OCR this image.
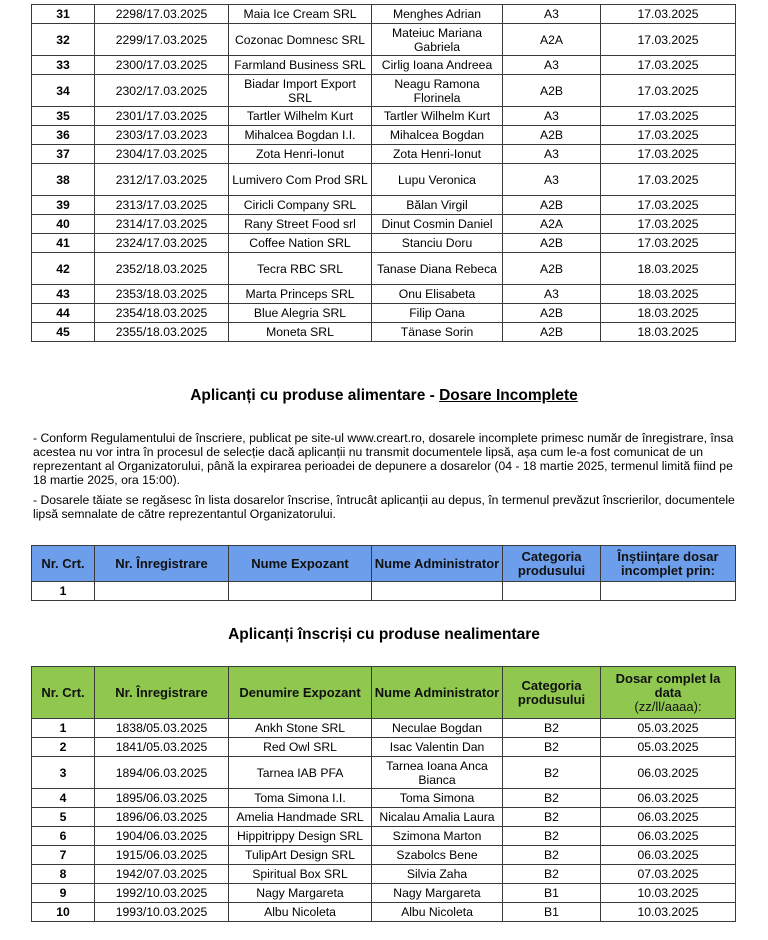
31	2298/17.03.2025	Maia Ice Cream SRL	Menghes Adrian	A3	17.03.2025
32	2299/17.03.2025	Cozonac Domnesc SRL	Mateiuc Mariana Gabriela	A2A	17.03.2025
33	2300/17.03.2025	Farmland Business SRL	Cirlig Ioana Andreea	A3	17.03.2025
34	2302/17.03.2025	Biadar Import Export SRL	Neagu Ramona Florinela	A2B	17.03.2025
35	2301/17.03.2025	Tartler Wilhelm Kurt	Tartler Wilhelm Kurt	A3	17.03.2025
36	2303/17.03.2023	Mihalcea Bogdan I.I.	Mihalcea Bogdan	A2B	17.03.2025
37	2304/17.03.2025	Zota Henri-Ionut	Zota Henri-Ionut	A3	17.03.2025
38	2312/17.03.2025	Lumivero Com Prod SRL	Lupu Veronica	A3	17.03.2025
39	2313/17.03.2025	Ciricli Company SRL	Bălan Virgil	A2B	17.03.2025
40	2314/17.03.2025	Rany Street Food srl	Dinut Cosmin Daniel	A2A	17.03.2025
41	2324/17.03.2025	Coffee Nation SRL	Stanciu Doru	A2B	17.03.2025
42	2352/18.03.2025	Tecra RBC SRL	Tanase Diana Rebeca	A2B	18.03.2025
43	2353/18.03.2025	Marta Princeps SRL	Onu Elisabeta	A3	18.03.2025
44	2354/18.03.2025	Blue Alegria SRL	Filip Oana	A2B	18.03.2025
45	2355/18.03.2025	Moneta SRL	Tänase Sorin	A2B	18.03.2025
Aplicanți cu produse alimentare - Dosare Incomplete

- Conform Regulamentului de înscriere, publicat pe site-ul www.creart.ro, dosarele incomplete primesc număr de înregistrare, însa acestea nu vor intra în procesul de selecție dacă aplicanții nu transmit documentele lipsă, așa cum le-a fost comunicat de un reprezentant al Organizatorului, până la expirarea perioadei de depunere a dosarelor (04 - 18 martie 2025, termenul limită fiind pe 18 martie 2025, ora 15:00).

- Dosarele tăiate se regăsesc în lista dosarelor înscrise, întrucât aplicanții au depus, în termenul prevăzut înscrierilor, documentele lipsă semnalate de către reprezentantul Organizatorului.

Nr. Crt.	Nr. Înregistrare	Nume Expozant	Nume Administrator	Categoria produsului	Înștiințare dosar incomplet prin:
1					
Aplicanți înscriși cu produse nealimentare
Nr. Crt.	Nr. Înregistrare	Denumire Expozant	Nume Administrator	Categoria produsului	Dosar complet la data
(zz/ll/aaaa):
1	1838/05.03.2025	Ankh Stone SRL	Neculae Bogdan	B2	05.03.2025
2	1841/05.03.2025	Red Owl SRL	Isac Valentin Dan	B2	05.03.2025
3	1894/06.03.2025	Tarnea IAB PFA	Tarnea Ioana Anca Bianca	B2	06.03.2025
4	1895/06.03.2025	Toma Simona I.I.	Toma Simona	B2	06.03.2025
5	1896/06.03.2025	Amelia Handmade SRL	Nicalau Amalia Laura	B2	06.03.2025
6	1904/06.03.2025	Hippitrippy Design SRL	Szimona Marton	B2	06.03.2025
7	1915/06.03.2025	TulipArt Design SRL	Szabolcs Bene	B2	06.03.2025
8	1942/07.03.2025	Spiritual Box SRL	Silvia Zaha	B2	07.03.2025
9	1992/10.03.2025	Nagy Margareta	Nagy Margareta	B1	10.03.2025
10	1993/10.03.2025	Albu Nicoleta	Albu Nicoleta	B1	10.03.2025
